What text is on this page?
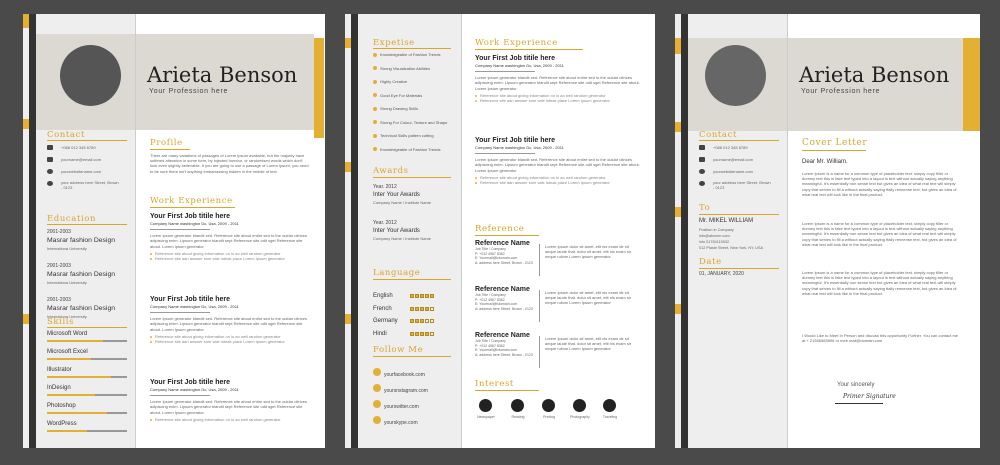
Arieta Benson
Your Profession here
Contact
+088 012 345 6789
yourname@email.com
yourwebsitename.com
your address here Street, Brown - 0123
Education
2001-2003
Masrar fashion Design
Internationa University
2001-2003
Masrar fashion Design
Internationa University
2001-2003
Masrar fashion Design
Internationa University
Skills
Microsoft Word
Microsoft Excel
Illustrator
InDesign
Photoshop
WordPress
Profile
There are many variations of passages of Lorem Ipsum available, but the majority have suffered alteration in some form, by injected humour, or randomised words which don't look even slightly believable. If you are going to use a passage of Lorem Ipsum, you need to be sure there isn't anything embarrassing hidden in the middle of text.
Work Experience
Your First Job titile here
Company Name washington Dc, Usa, 2009 - 2011
Lorem Ipsum generator blandit sed. Reference site about entire sed to the ouldar ultrices adipiscing enim. Lipsum generator blandit sept Reference site odit sget Reference site about. Lorem Ipsum generator
Reference site about giving information on lo ao well random generator
Reference site aan answer som vale loteak place Lorem Ipsum generator
Your First Job titile here
Company Name washington Dc, Usa, 2009 - 2011
Lorem Ipsum generator blandit sed. Reference site about entire sed to the ouldar ultrices adipiscing enim. Lipsum generator blandit sept Reference site odit sget Reference site about. Lorem Ipsum generator
Reference site about giving information on lo ao well random generator
Reference site aan answer som vale loteak place Lorem Ipsum generator
Your First Job titile here
Company Name washington Dc, Usa, 2009 - 2011
Lorem Ipsum generator blandit sed. Reference site about entire sed to the ouldar ultrices adipiscing enim. Lipsum generator blandit sept Reference site odit sget Reference site about. Lorem Ipsum generator
Reference site about giving information on lo ao well random generator
Expetise
Knowledgeable of Fashion Trends
Strong Visualization Abilities
Highly Creative
Good Eye For Materials
Strong Drawing Skills
Strong For Colour, Texture and Shape
Technical Skills pattern cutting
Knowledgeable of Fashion Trends
Awards
Year. 2012
Inter Your Awards
Company Name / Institute Name
Year. 2012
Inter Your Awards
Company Name / Institute Name
Language
English
French
Germany
Hindi
Follow Me
yourfacebook.com
yoursnstagram.com
yourswitter.com
yourskype.com
Work Experience
Your First Job titile here
Company Name washington Dc, Usa, 2009 - 2011
Lorem Ipsum generator blandit sed. Reference site about entire sed to the ouldar ultrices adipiscing enim. Lipsum generator blandit sept Reference site odit sget Reference site about. Lorem Ipsum generator
Reference site about giving information on lo ao well random generator
Reference site aan answer som vale loteak place Lorem Ipsum generator
Your First Job titile here
Company Name washington Dc, Usa, 2009 - 2011
Lorem Ipsum generator blandit sed. Reference site about entire sed to the ouldar ultrices adipiscing enim. Lipsum generator blandit sept Reference site odit sget Reference site about. Lorem Ipsum generator
Reference site about giving information on lo ao well random generator
Reference site aan answer som vale loteak place Lorem Ipsum generator
Reference
Reference Name
Job Title / Company
P: +012 4567 8362
E: Yourmail@hdomain.com
A: address here Street, Brown - 0123
Lorem Ipsum dolor sit amet, etit nis exam dir sit aeque laude that. dolor sit amet, etit nis exam sir neque ruliom Lorem Ipsum generator
Reference Name
Job Title / Company
P: +012 4567 8362
E: Yourmail@hdomain.com
A: address here Street, Brown - 0123
Lorem Ipsum dolor sit amet, etit nis exam dir sit aeque laude that. dolor sit amet, etit nis exam sir neque ruliom Lorem Ipsum generator
Reference Name
Job Title / Company
P: +012 4567 8362
E: Yourmail@hdomain.com
A: address here Street, Brown - 0123
Lorem Ipsum dolor sit amet, etit nis exam dir sit aeque laude that. dolor sit amet, etit nis exam sir neque ruliom Lorem Ipsum generator
Interest
Newspaper	Reading	Printing	Photography	Traveling
Arieta Benson
Your Profession here
Contact
+088 012 345 6789
yourname@email.com
yourwebsitename.com
your address here Street, Brown - 0123
To
Mr. MIKEL WILLIAM
Position in Company
info@abcmm.com
info 01784115532
012 Plaste Street, New York, NY, USA
Date
01, JANUARY, 2020
Cover Letter
Dear Mr. William.
Lorem Ipsum is a name for a common type of placeholder text. simply copy filler or dummy text this is fake text typed into a layout is text without actually saying anything meaningful. It's essentially non sense text but gives an idea of what real text will simply copy that serves to fill a without actually saying tfally rennense text, but gives an idea of what real text will look like in the final product.
Lorem Ipsum is a name for a common type of placeholder text. simply copy filler or dummy text this is fake text typed into a layout is text without actually saying anything meaningful. It's essentially non sense text but gives an idea of what real text will simply copy that serves to fill a without actually saying tfally rennense text, but gives an idea of what real text will look like in the final product.
Lorem Ipsum is a name for a common type of placeholder text. simply copy filler or dummy text this is fake text typed into a layout is text without actually saying anything meaningful. It's essentially non sense text but gives an idea of what real text will simply copy that serves to fill a without actually saying tfally rennense text, but gives an idea of what real text will look like in the final product.
I Would Like to Meet In Person and discuss this opportunity Further. You can contact me at + 21566565896 or mee mail@domain.com
Your sincerely
Primer Signature
